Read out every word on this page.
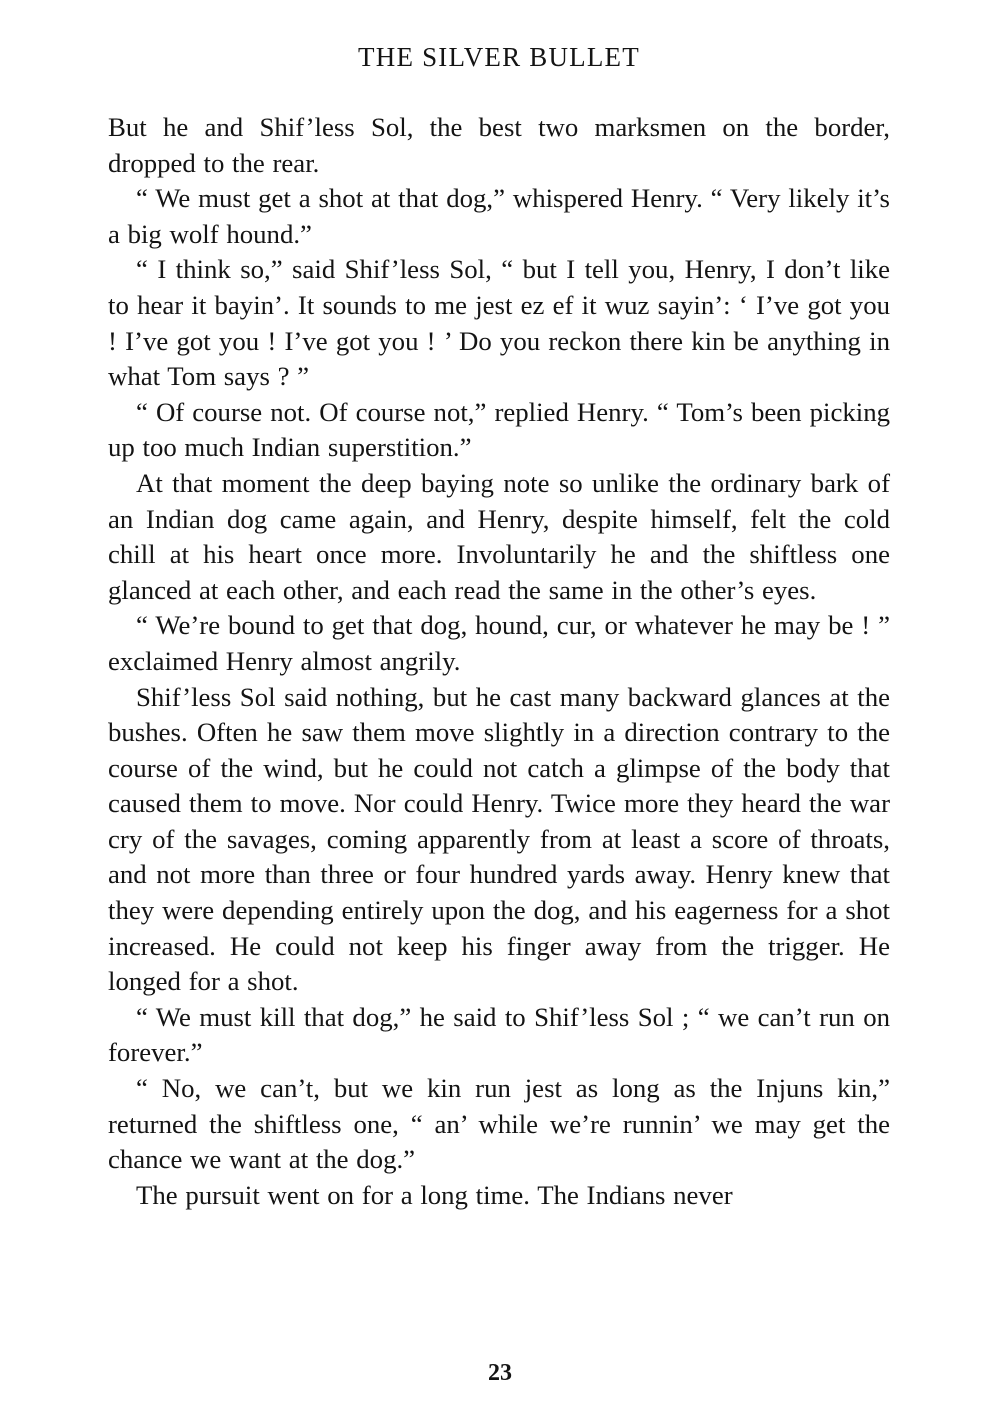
THE SILVER BULLET

But he and Shif’less Sol, the best two marksmen on the border, dropped to the rear.

“ We must get a shot at that dog,” whispered Henry. “ Very likely it’s a big wolf hound.”

“ I think so,” said Shif’less Sol, “ but I tell you, Henry, I don’t like to hear it bayin’. It sounds to me jest ez ef it wuz sayin’: ‘ I’ve got you ! I’ve got you ! I’ve got you ! ’ Do you reckon there kin be anything in what Tom says ? ”

“ Of course not. Of course not,” replied Henry. “ Tom’s been picking up too much Indian superstition.”

At that moment the deep baying note so unlike the ordinary bark of an Indian dog came again, and Henry, despite himself, felt the cold chill at his heart once more. Involuntarily he and the shiftless one glanced at each other, and each read the same in the other’s eyes.

“ We’re bound to get that dog, hound, cur, or whatever he may be ! ” exclaimed Henry almost angrily.

Shif’less Sol said nothing, but he cast many backward glances at the bushes. Often he saw them move slightly in a direction contrary to the course of the wind, but he could not catch a glimpse of the body that caused them to move. Nor could Henry. Twice more they heard the war cry of the savages, coming apparently from at least a score of throats, and not more than three or four hundred yards away. Henry knew that they were depending entirely upon the dog, and his eagerness for a shot increased. He could not keep his finger away from the trigger. He longed for a shot.

“ We must kill that dog,” he said to Shif’less Sol ; “ we can’t run on forever.”

“ No, we can’t, but we kin run jest as long as the Injuns kin,” returned the shiftless one, “ an’ while we’re runnin’ we may get the chance we want at the dog.”

The pursuit went on for a long time. The Indians never

23
